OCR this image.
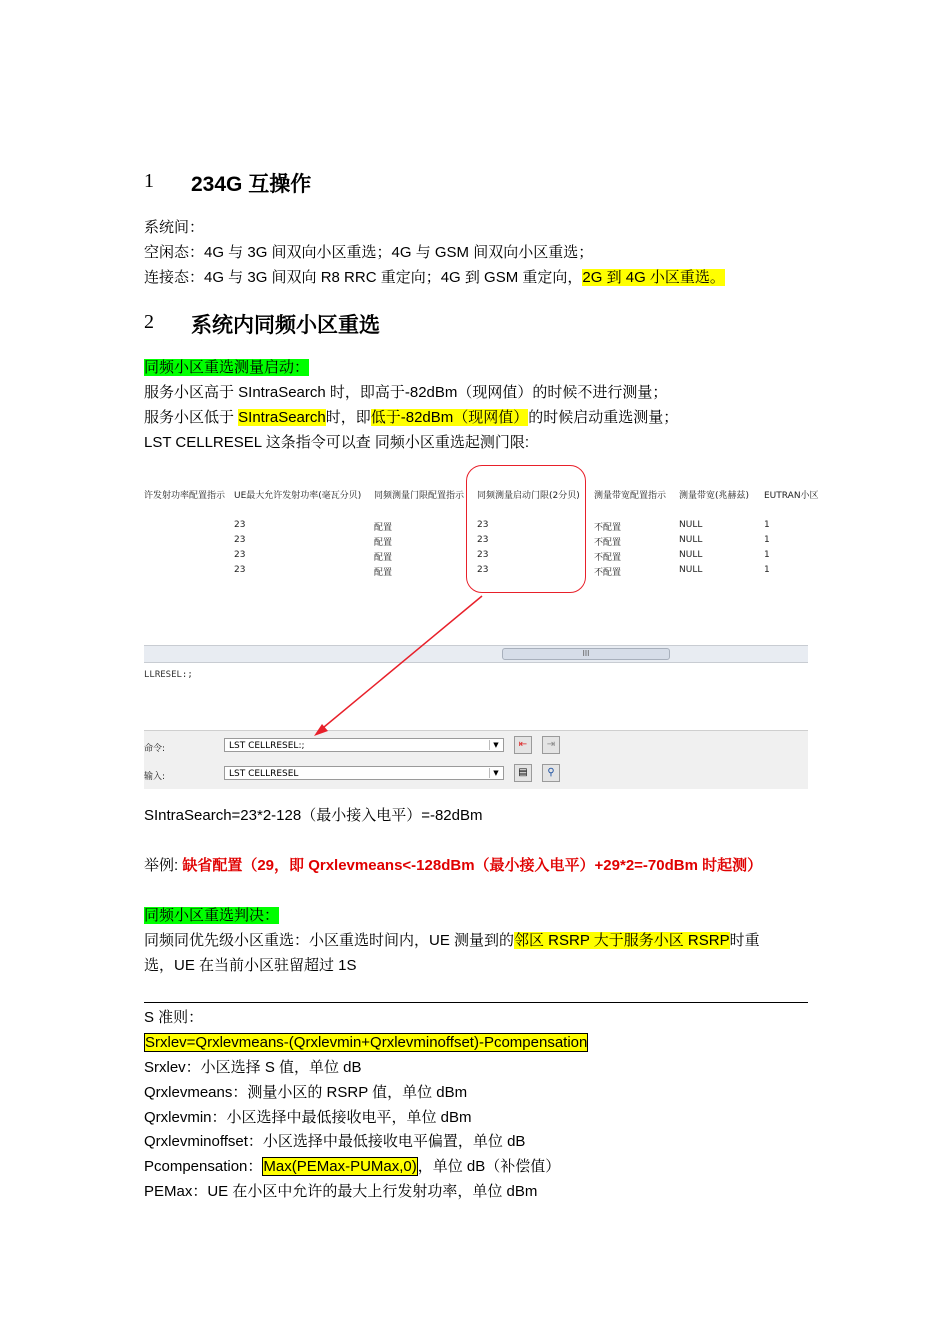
1 234G 互操作
系统间：
空闲态：4G 与 3G 间双向小区重选；4G 与 GSM 间双向小区重选；
连接态：4G 与 3G 间双向 R8 RRC 重定向；4G 到 GSM 重定向，2G 到 4G 小区重选。
2 系统内同频小区重选
同频小区重选测量启动：
服务小区高于 SIntraSearch 时，即高于-82dBm（现网值）的时候不进行测量；
服务小区低于 SIntraSearch时，即低于-82dBm（现网值）的时候启动重选测量；
LST CELLRESEL 这条指令可以查 同频小区重选起测门限:
SIntraSearch=23*2-128（最小接入电平）=-82dBm
举例: 缺省配置（29，即 Qrxlevmeans<-128dBm（最小接入电平）+29*2=-70dBm 时起测）
同频小区重选判决：
同频同优先级小区重选：小区重选时间内，UE 测量到的邻区 RSRP 大于服务小区 RSRP时重
选，UE 在当前小区驻留超过 1S
S 准则：
Srxlev=Qrxlevmeans-(Qrxlevmin+Qrxlevminoffset)-Pcompensation
Srxlev：小区选择 S 值，单位 dB
Qrxlevmeans：测量小区的 RSRP 值，单位 dBm
Qrxlevmin：小区选择中最低接收电平，单位 dBm
Qrxlevminoffset：小区选择中最低接收电平偏置，单位 dB
Pcompensation：Max(PEMax-PUMax,0)，单位 dB（补偿值）
PEMax：UE 在小区中允许的最大上行发射功率，单位 dBm
许发射功率配置指示 UE最大允许发射功率(毫瓦分贝) 同频测量门限配置指示 同频测量启动门限(2分贝) 测量带宽配置指示 测量带宽(兆赫兹) EUTRAN小区
23	配置	23	不配置	NULL	1
23	配置	23	不配置	NULL	1
23	配置	23	不配置	NULL	1
23	配置	23	不配置	NULL	1
III
LLRESEL:;
命令:	LST CELLRESEL:;	▼	⇤	⇥
输入:	LST CELLRESEL	▼	▤	⚲
